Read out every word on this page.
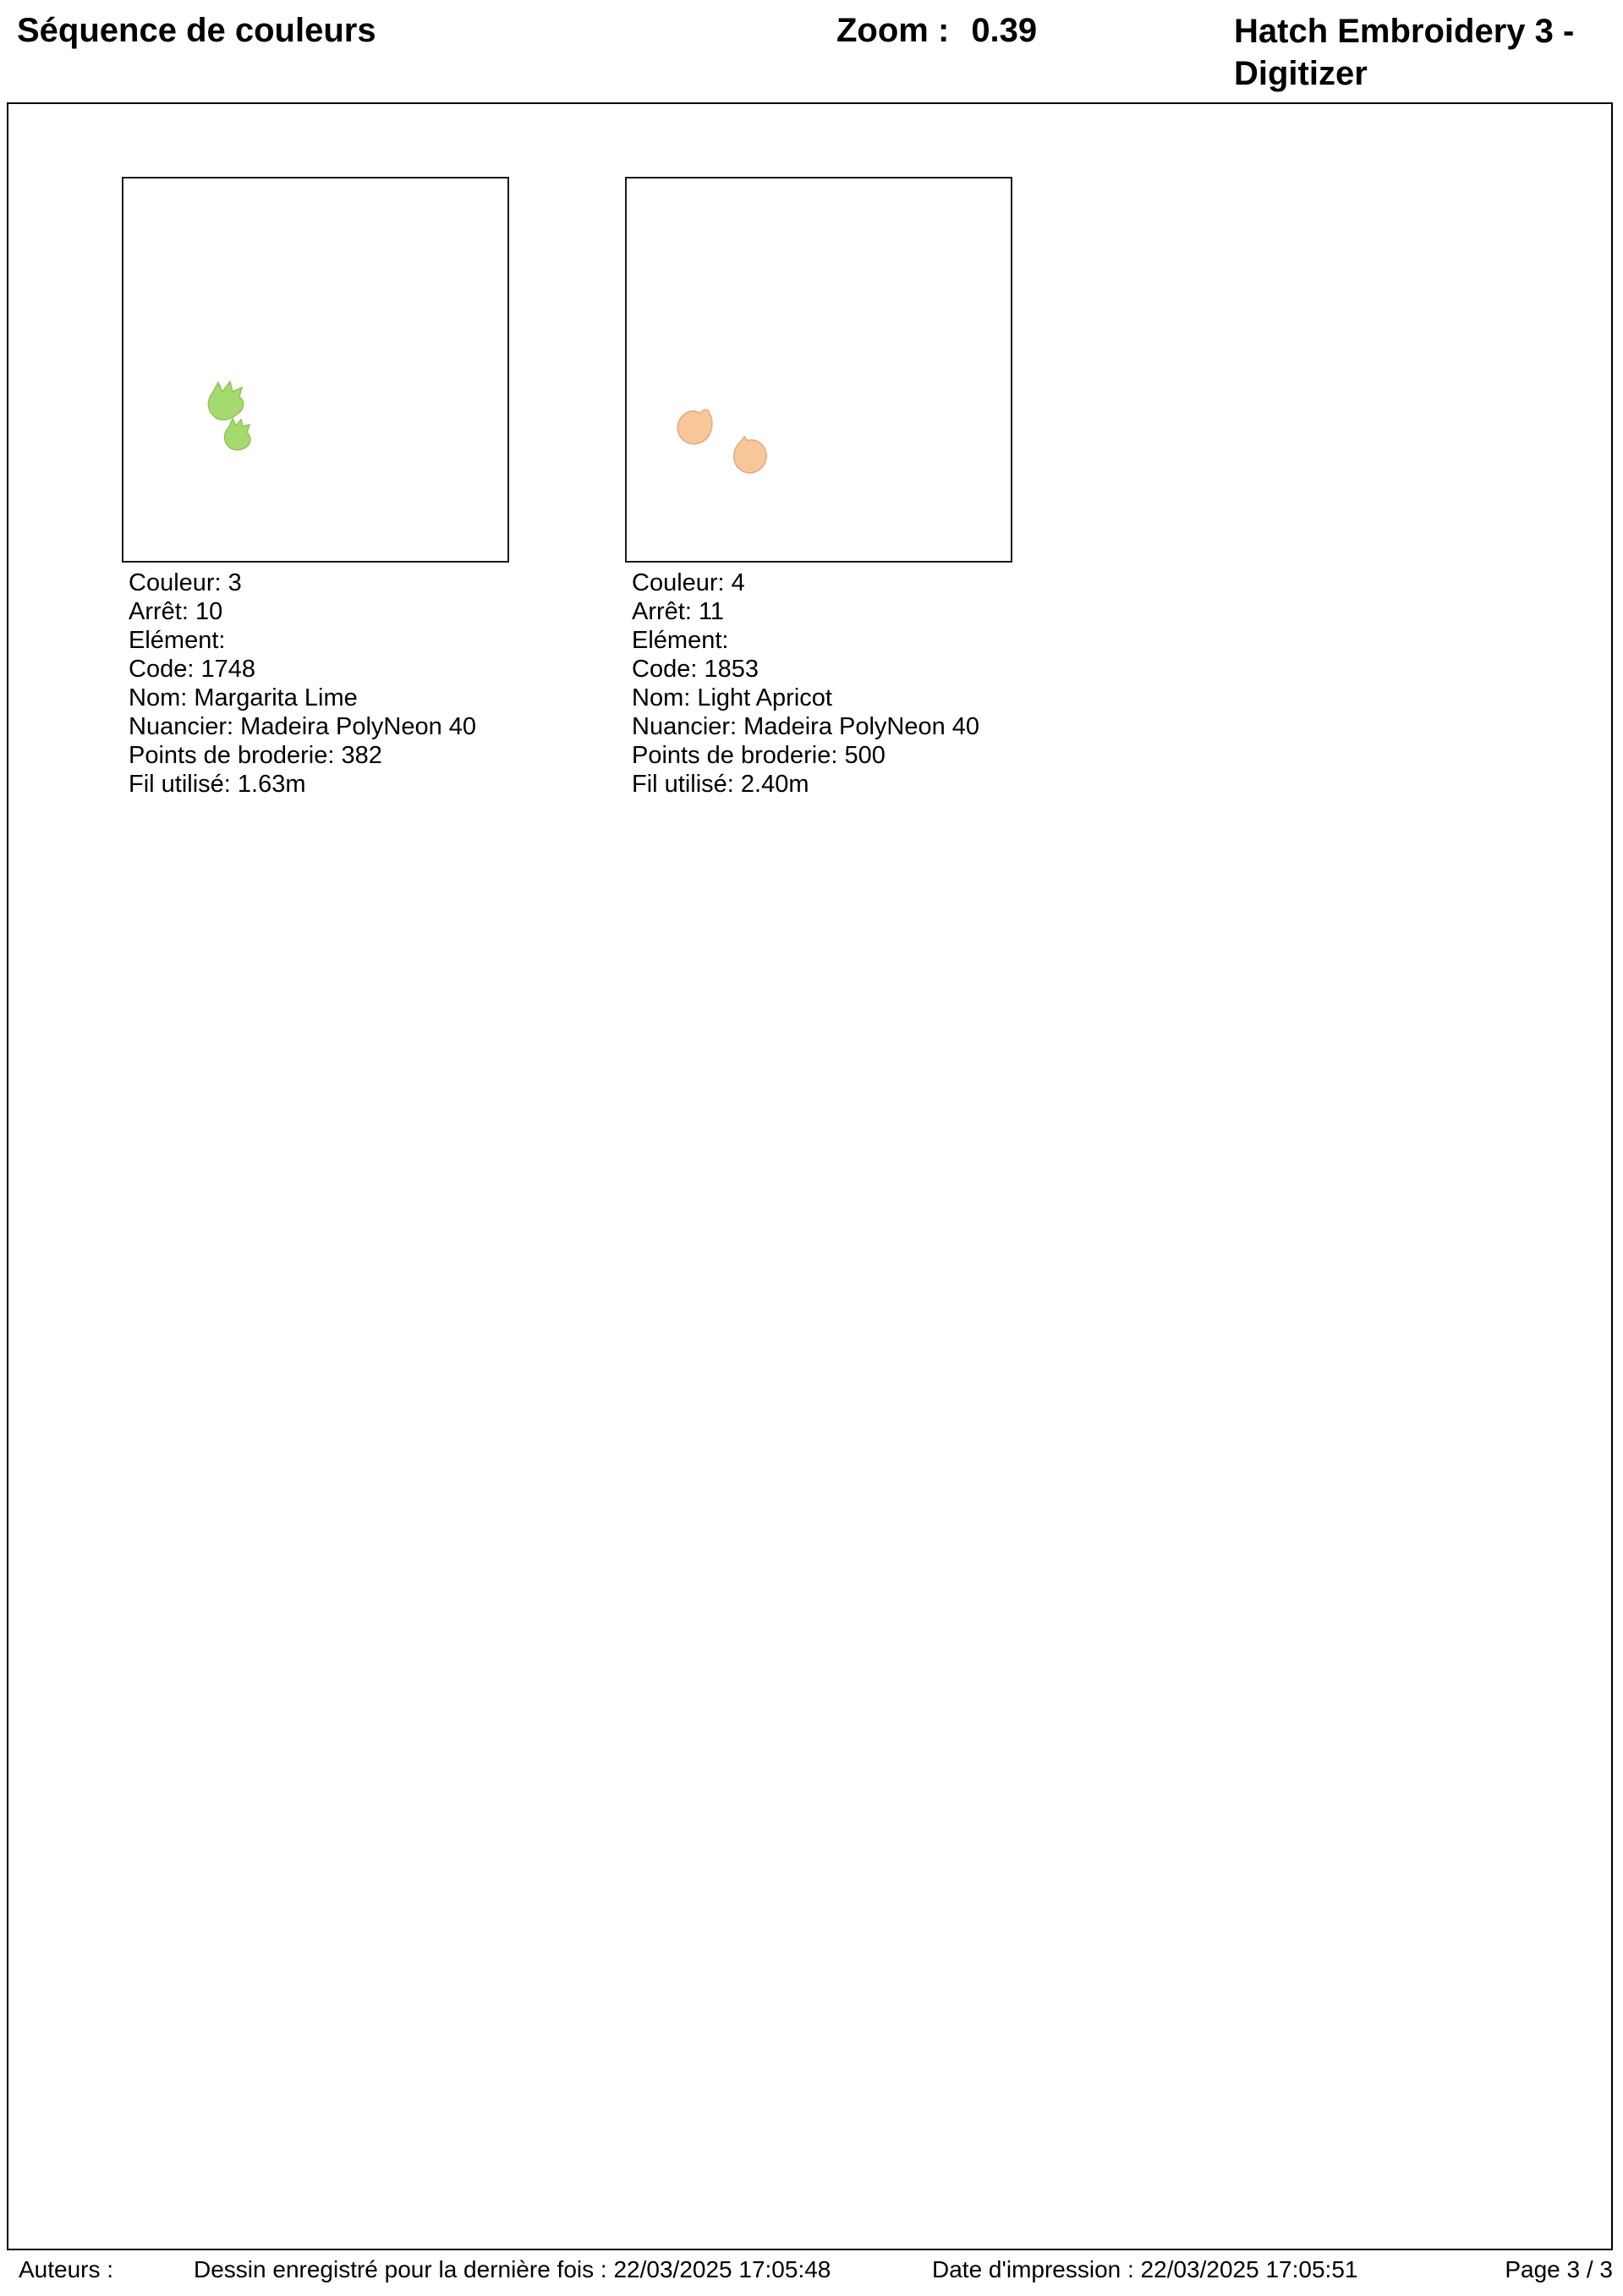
Séquence de couleurs	Zoom : 0.39	Hatch Embroidery 3 - Digitizer
Couleur: 3
Arrêt: 10
Elément:
Code: 1748
Nom: Margarita Lime
Nuancier: Madeira PolyNeon 40
Points de broderie: 382
Fil utilisé: 1.63m
Couleur: 4
Arrêt: 11
Elément:
Code: 1853
Nom: Light Apricot
Nuancier: Madeira PolyNeon 40
Points de broderie: 500
Fil utilisé: 2.40m
Auteurs :	Dessin enregistré pour la dernière fois : 22/03/2025 17:05:48	Date d'impression : 22/03/2025 17:05:51	Page 3 / 3
